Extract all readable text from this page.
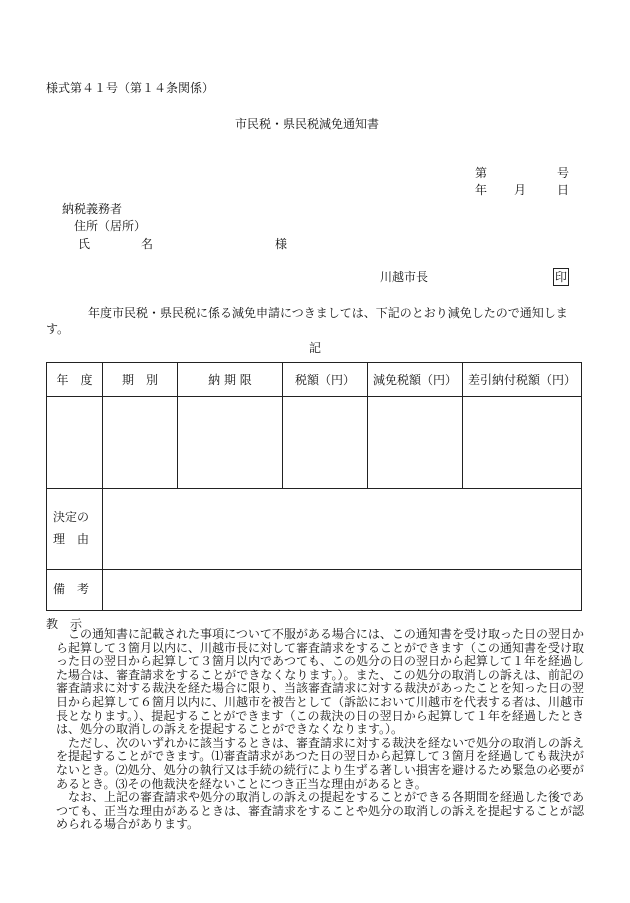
様式第４１号（第１４条関係）
市民税・県民税減免通知書
第	号
年 月	日
納税義務者
住所（居所）
氏	名	様
川越市長	印
年度市民税・県民税に係る減免申請につきましては、下記のとおり減免したので通知します。
記
年　度	期　別	納 期 限	税額（円）	減免税額（円）	差引納付税額（円）

決定の
理　由					
備　考					
教　示

この通知書に記載された事項について不服がある場合には、この通知書を受け取った日の翌日から起算して３箇月以内に、川越市長に対して審査請求をすることができます（この通知書を受け取った日の翌日から起算して３箇月以内であつても、この処分の日の翌日から起算して１年を経過した場合は、審査請求をすることができなくなります。）。また、この処分の取消しの訴えは、前記の審査請求に対する裁決を経た場合に限り、当該審査請求に対する裁決があったことを知った日の翌日から起算して６箇月以内に、川越市を被告として（訴訟において川越市を代表する者は、川越市長となります。）、提起することができます（この裁決の日の翌日から起算して１年を経過したときは、処分の取消しの訴えを提起することができなくなります。）。

ただし、次のいずれかに該当するときは、審査請求に対する裁決を経ないで処分の取消しの訴えを提起することができます。⑴審査請求があつた日の翌日から起算して３箇月を経過しても裁決がないとき。⑵処分、処分の執行又は手続の続行により生ずる著しい損害を避けるため緊急の必要があるとき。⑶その他裁決を経ないことにつき正当な理由があるとき。

なお、上記の審査請求や処分の取消しの訴えの提起をすることができる各期間を経過した後であつても、正当な理由があるときは、審査請求をすることや処分の取消しの訴えを提起することが認められる場合があります。
